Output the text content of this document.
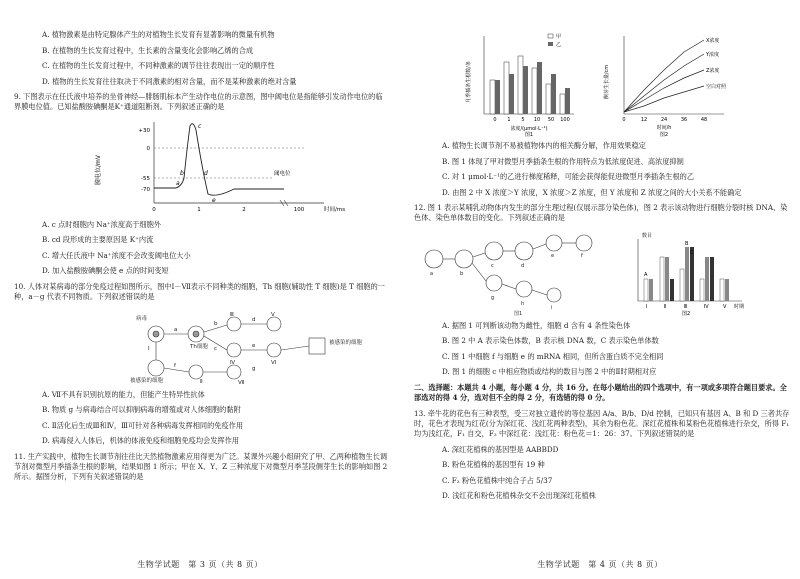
A. 植物激素是由特定腺体产生的对植物生长发育有显著影响的微量有机物

B. 在植物的生长发育过程中，生长素的含量变化会影响乙烯的合成

C. 在植物的生长发育过程中，不同种激素的调节往往表现出一定的顺序性

D. 植物的生长发育往往取决于不同激素的相对含量，而不是某种激素的绝对含量

9. 下图表示在任氏液中培养的坐骨神经—腓肠肌标本产生动作电位的示意图，图中阈电位是指能够引发动作电位的临界膜电位值。已知盐酸胺碘酮是K⁺通道阻断剂。下列叙述正确的是

膜电位/mV
+30
0
-55
-70
阈电位
a
b
c
d
e
0	1	2	100	时间/ms

A. c 点时细胞内 Na⁺浓度高于细胞外

B. cd 段形成的主要原因是 K⁺内流

C. 增大任氏液中 Na⁺浓度不会改变阈电位大小

D. 加入盐酸胺碘酮会使 e 点的时间变短

10. 人体对某病毒的部分免疫过程如图所示，图中Ⅰ－Ⅶ表示不同种类的细胞，Th 细胞(辅助性 T 细胞)是 T 细胞的一种，a－g 代表不同物质。下列叙述错误的是

病毒
Th细胞
被感染的细胞
被感染的细胞
Ⅰ
Ⅱ
Ⅲ
Ⅳ
Ⅴ
Ⅵ
Ⅶ
a
b
c
d
e
f	g

A. Ⅶ不具有识别抗原的能力，但能产生特异性抗体

B. 物质 g 与病毒结合可以抑制病毒的增殖或对人体细胞的黏附

C. Ⅱ活化后生成Ⅲ和Ⅳ，Ⅲ可针对各种病毒发挥相同的免疫作用

D. 病毒侵入人体后，机体的体液免疫和细胞免疫均会发挥作用

11. 生产实践中，植物生长调节剂往往比天然植物激素应用得更为广泛。某课外兴趣小组研究了甲、乙两种植物生长调节剂对微型月季插条生根的影响，结果如图 1 所示；甲在 X、Y、Z 三种浓度下对微型月季茎段侧芽生长的影响如图 2 所示。据图分析，下列有关叙述错误的是

生物学试题　第 3 页（共 8 页）
月季插条生根数/条
甲
乙
0 1 5 10 50 100
浓度/(μmol·L⁻¹)
图1
侧芽生长量/cm
X浓度
Y浓度
Z浓度
空白对照
0	12	24	36	48
时间/h
图2

A. 植物生长调节剂不易被植物体内的相关酶分解，作用效果稳定

B. 图 1 体现了甲对微型月季插条生根的作用特点为低浓度促进、高浓度抑制

C. 对 1 μmol·L⁻¹的乙进行梯度稀释，可能会获得能促进微型月季插条生根的乙

D. 由图 2 中 X 浓度＞Y 浓度，X 浓度＞Z 浓度，但 Y 浓度和 Z 浓度之间的大小关系不能确定

12. 图 1 表示某哺乳动物体内发生的部分生理过程(仅展示部分染色体)，图 2 表示该动物进行细胞分裂时核 DNA、染色体、染色单体数目的变化。下列叙述正确的是

a	b
c	d
e	f
g
h
i
图1
数目
A
B
C
Ⅰ	Ⅱ	Ⅲ	Ⅳ	Ⅴ 时期
图2

A. 据图 1 可判断该动物为雌性，细胞 d 含有 4 条性染色体

B. 图 2 中 A 表示染色体数，B 表示核 DNA 数，C 表示染色单体数

C. 图 1 中细胞 f 与细胞 e 的 mRNA 相同，但所含蛋白质不完全相同

D. 图 1 的细胞 c 中相应物质或结构的数目与图 2 中的Ⅱ时期相对应

二、选择题：本题共 4 小题，每小题 4 分，共 16 分。在每小题给出的四个选项中，有一项或多项符合题目要求。全部选对的得 4 分，选对但不全的得 2 分，有选错的得 0 分。

13. 牵牛花的花色有三种表型，受三对独立遗传的等位基因 A/a、B/b、D/d 控制，已知只有基因 A、B 和 D 三者共存时，花色才表现为红花(分为深红花、浅红花两种表型)，其余为粉色花。深红花植株和某粉色花植株进行杂交，所得 F₁ 均为浅红花，F₁ 自交，F₂ 中深红花：浅红花：粉色花＝1：26：37。下列叙述错误的是

A. 深红花植株的基因型是 AABBDD

B. 粉色花植株的基因型有 19 种

C. F₂ 粉色花植株中纯合子占 5/37

D. 浅红花和粉色花植株杂交不会出现深红花植株

生物学试题　第 4 页（共 8 页）
